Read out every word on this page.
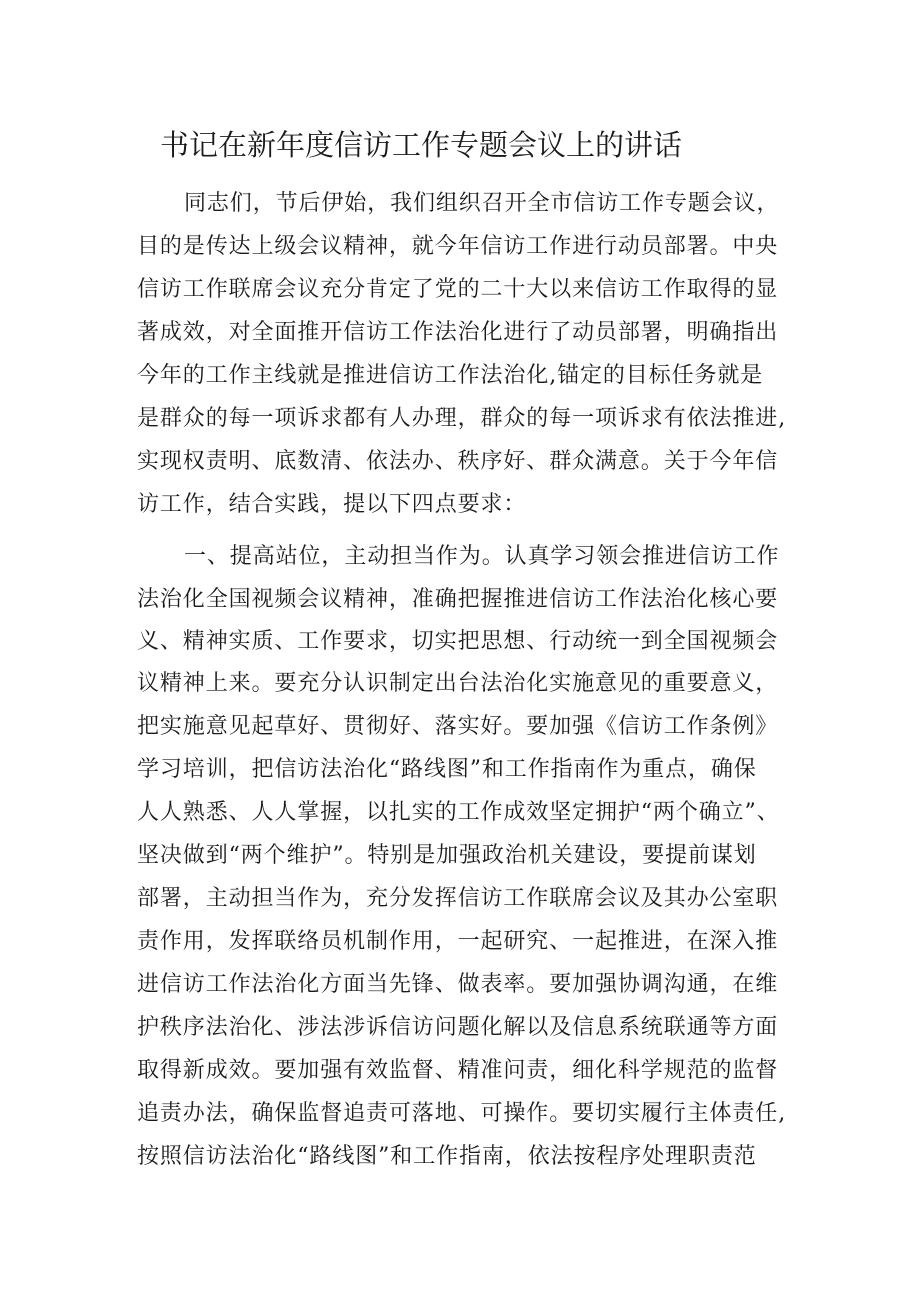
书记在新年度信访工作专题会议上的讲话
同志们，节后伊始，我们组织召开全市信访工作专题会议，
目的是传达上级会议精神，就今年信访工作进行动员部署。中央
信访工作联席会议充分肯定了党的二十大以来信访工作取得的显
著成效，对全面推开信访工作法治化进行了动员部署，明确指出
今年的工作主线就是推进信访工作法治化,锚定的目标任务就是
是群众的每一项诉求都有人办理，群众的每一项诉求有依法推进,
实现权责明、底数清、依法办、秩序好、群众满意。关于今年信
访工作，结合实践，提以下四点要求：
一、提高站位，主动担当作为。认真学习领会推进信访工作
法治化全国视频会议精神，准确把握推进信访工作法治化核心要
义、精神实质、工作要求，切实把思想、行动统一到全国视频会
议精神上来。要充分认识制定出台法治化实施意见的重要意义，
把实施意见起草好、贯彻好、落实好。要加强《信访工作条例》
学习培训，把信访法治化“路线图”和工作指南作为重点，确保
人人熟悉、人人掌握，以扎实的工作成效坚定拥护“两个确立”、
坚决做到“两个维护”。特别是加强政治机关建设，要提前谋划
部署，主动担当作为，充分发挥信访工作联席会议及其办公室职
责作用，发挥联络员机制作用，一起研究、一起推进，在深入推
进信访工作法治化方面当先锋、做表率。要加强协调沟通，在维
护秩序法治化、涉法涉诉信访问题化解以及信息系统联通等方面
取得新成效。要加强有效监督、精准问责，细化科学规范的监督
追责办法，确保监督追责可落地、可操作。要切实履行主体责任,
按照信访法治化“路线图”和工作指南，依法按程序处理职责范
